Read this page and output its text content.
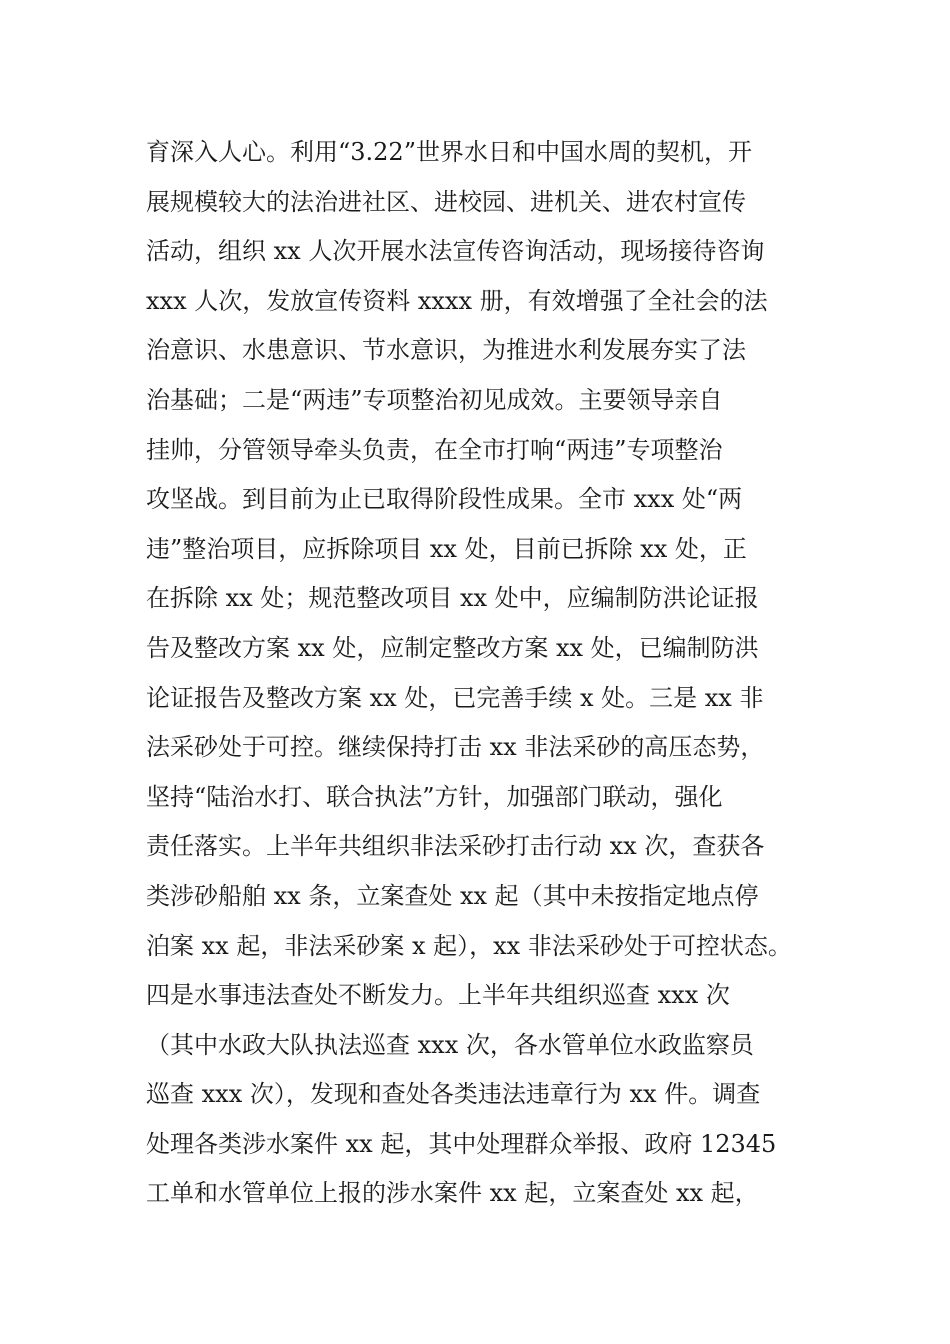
育深入人心。利用“3.22”世界水日和中国水周的契机，开
展规模较大的法治进社区、进校园、进机关、进农村宣传
活动，组织 xx 人次开展水法宣传咨询活动，现场接待咨询
xxx 人次，发放宣传资料 xxxx 册，有效增强了全社会的法
治意识、水患意识、节水意识，为推进水利发展夯实了法
治基础；二是“两违”专项整治初见成效。主要领导亲自
挂帅，分管领导牵头负责，在全市打响“两违”专项整治
攻坚战。到目前为止已取得阶段性成果。全市 xxx 处“两
违”整治项目，应拆除项目 xx 处，目前已拆除 xx 处，正
在拆除 xx 处；规范整改项目 xx 处中，应编制防洪论证报
告及整改方案 xx 处，应制定整改方案 xx 处，已编制防洪
论证报告及整改方案 xx 处，已完善手续 x 处。三是 xx 非
法采砂处于可控。继续保持打击 xx 非法采砂的高压态势，
坚持“陆治水打、联合执法”方针，加强部门联动，强化
责任落实。上半年共组织非法采砂打击行动 xx 次，查获各
类涉砂船舶 xx 条，立案查处 xx 起（其中未按指定地点停
泊案 xx 起，非法采砂案 x 起），xx 非法采砂处于可控状态。
四是水事违法查处不断发力。上半年共组织巡查 xxx 次
（其中水政大队执法巡查 xxx 次，各水管单位水政监察员
巡查 xxx 次），发现和查处各类违法违章行为 xx 件。调查
处理各类涉水案件 xx 起，其中处理群众举报、政府 12345
工单和水管单位上报的涉水案件 xx 起，立案查处 xx 起，
